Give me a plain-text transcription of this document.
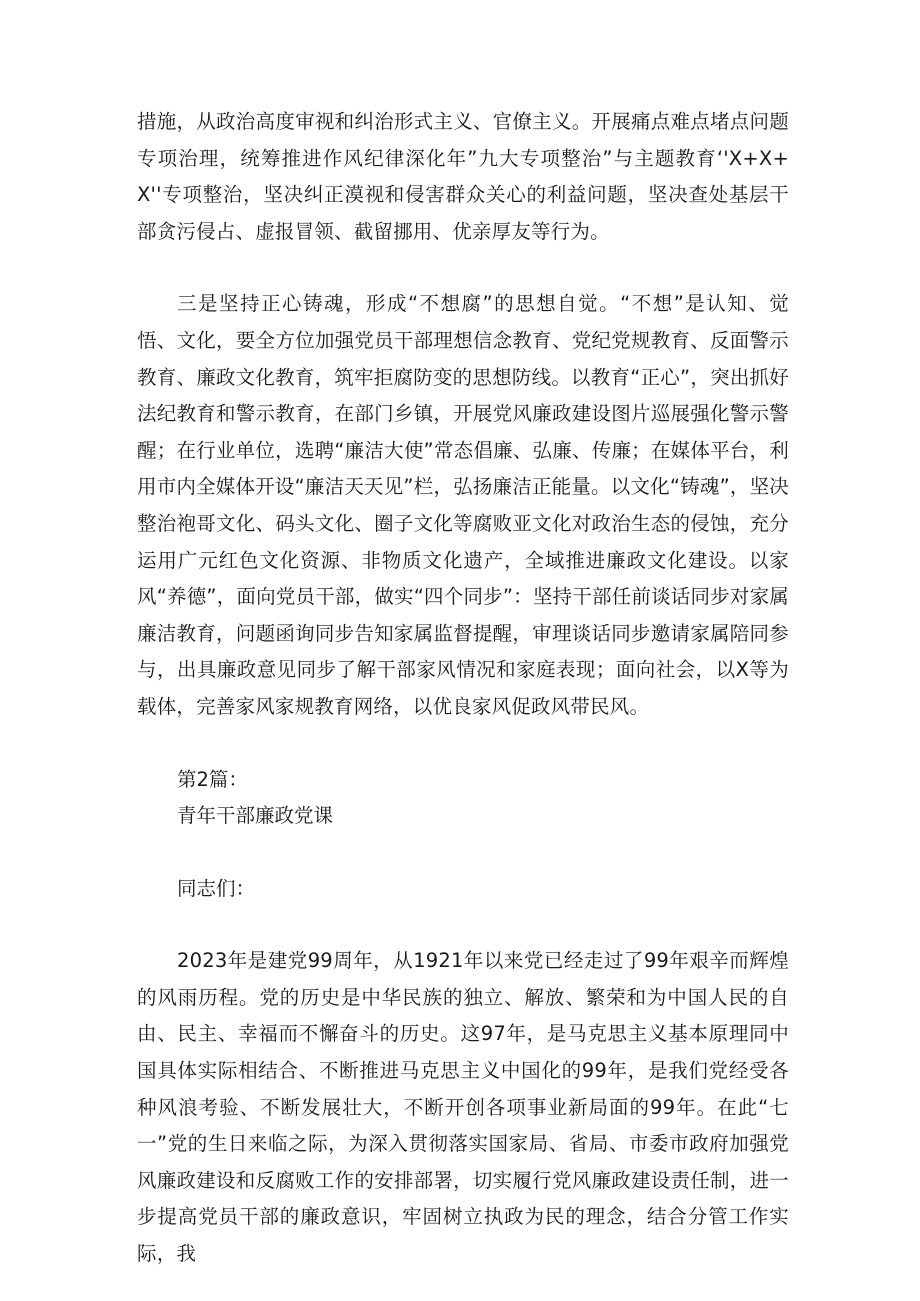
措施，从政治高度审视和纠治形式主义、官僚主义。开展痛点难点堵点问题专项治理，统筹推进作风纪律深化年”九大专项整治”与主题教育‘'X+X+X''专项整治，坚决纠正漠视和侵害群众关心的利益问题，坚决查处基层干部贪污侵占、虚报冒领、截留挪用、优亲厚友等行为。

三是坚持正心铸魂，形成“不想腐”的思想自觉。“不想”是认知、觉悟、文化，要全方位加强党员干部理想信念教育、党纪党规教育、反面警示教育、廉政文化教育，筑牢拒腐防变的思想防线。以教育“正心”，突出抓好法纪教育和警示教育，在部门乡镇，开展党风廉政建设图片巡展强化警示警醒；在行业单位，选聘“廉洁大使”常态倡廉、弘廉、传廉；在媒体平台，利用市内全媒体开设“廉洁天天见”栏，弘扬廉洁正能量。以文化“铸魂”，坚决整治袍哥文化、码头文化、圈子文化等腐败亚文化对政治生态的侵蚀，充分运用广元红色文化资源、非物质文化遗产，全域推进廉政文化建设。以家风“养德”，面向党员干部，做实“四个同步”：坚持干部任前谈话同步对家属廉洁教育，问题函询同步告知家属监督提醒，审理谈话同步邀请家属陪同参与，出具廉政意见同步了解干部家风情况和家庭表现；面向社会，以X等为载体，完善家风家规教育网络，以优良家风促政风带民风。

第2篇：

青年干部廉政党课

同志们：

2023年是建党99周年，从1921年以来党已经走过了99年艰辛而辉煌的风雨历程。党的历史是中华民族的独立、解放、繁荣和为中国人民的自由、民主、幸福而不懈奋斗的历史。这97年，是马克思主义基本原理同中国具体实际相结合、不断推进马克思主义中国化的99年，是我们党经受各种风浪考验、不断发展壮大，不断开创各项事业新局面的99年。在此“七一”党的生日来临之际，为深入贯彻落实国家局、省局、市委市政府加强党风廉政建设和反腐败工作的安排部署，切实履行党风廉政建设责任制，进一步提高党员干部的廉政意识，牢固树立执政为民的理念，结合分管工作实际，我
